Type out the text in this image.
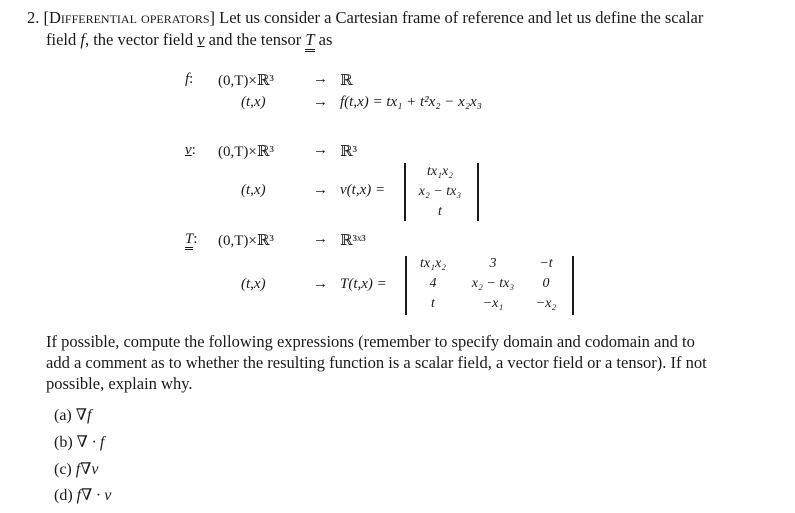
2. [Differential operators] Let us consider a Cartesian frame of reference and let us define the scalar
field f, the vector field v and the tensor T as
f: (0,T)×ℝ³	→ ℝ
(t,x)	→ f(t,x) = tx₁ + t²x₂ − x₂x₃
v: (0,T)×ℝ³	→ ℝ³
(t,x)	→ v(t,x) =
tx₁x₂
x₂ − tx₃
t
T: (0,T)×ℝ³	→ ℝ³ˣ³
(t,x)	→ T(t,x) =
tx₁x₂	3	−t
4	x₂ − tx₃	0
t	−x₁	−x₂
If possible, compute the following expressions (remember to specify domain and codomain and to
add a comment as to whether the resulting function is a scalar field, a vector field or a tensor). If not
possible, explain why.
(a) ∇f
(b) ∇ · f
(c) f∇v
(d) f∇ · v
